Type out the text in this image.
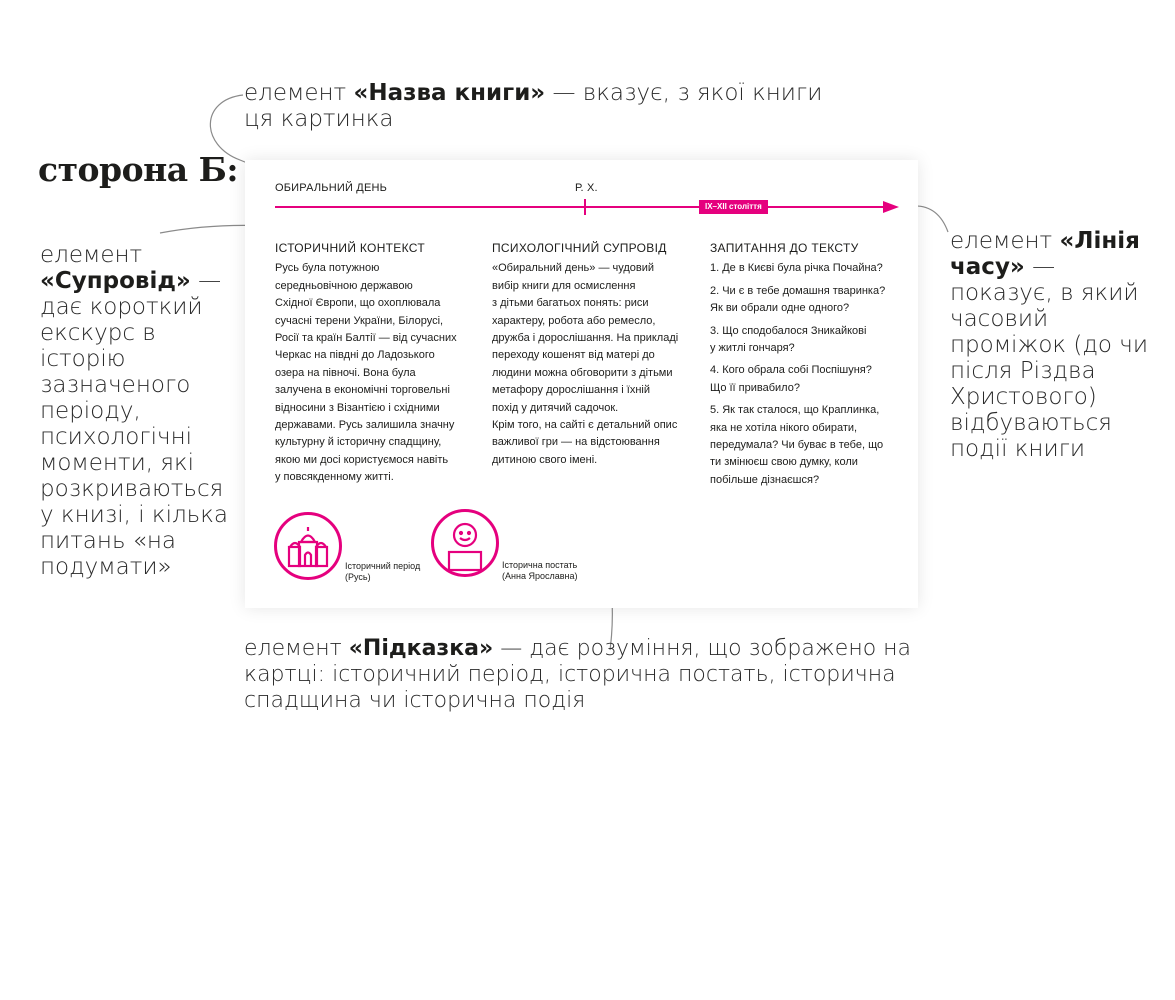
сторона Б:
елемент «Назва книги» — вказує, з якої книги
ця картинка
елемент
«Супровід» — дає короткий екскурс в історію зазначеного періоду, психологічні моменти, які розкриваються у книзі, і кілька питань «на подумати»
елемент «Лінія часу» — показує, в який часовий проміжок (до чи після Різдва Христового) відбуваються події книги
елемент «Підказка» — дає розуміння, що зображено на картці: історичний період, історична постать, історична спадщина чи історична подія
ОБИРАЛЬНИЙ ДЕНЬ	Р. Х.
IX–XII століття
ІСТОРИЧНИЙ КОНТЕКСТ

Русь була потужною
середньовічною державою
Східної Європи, що охоплювала
сучасні терени України, Білорусі,
Росії та країн Балтії — від сучасних
Черкас на півдні до Ладозького
озера на півночі. Вона була
залучена в економічні торговельні
відносини з Візантією і східними
державами. Русь залишила значну
культурну й історичну спадщину,
якою ми досі користуємося навіть
у повсякденному житті.

ПСИХОЛОГІЧНИЙ СУПРОВІД

«Обиральний день» — чудовий
вибір книги для осмислення
з дітьми багатьох понять: риси
характеру, робота або ремесло,
дружба і дорослішання. На прикладі
переходу кошенят від матері до
людини можна обговорити з дітьми
метафору дорослішання і їхній
похід у дитячий садочок.
Крім того, на сайті є детальний опис
важливої гри — на відстоювання
дитиною свого імені.

ЗАПИТАННЯ ДО ТЕКСТУ

1. Де в Києві була річка Почайна?

2. Чи є в тебе домашня тваринка?
Як ви обрали одне одного?

3. Що сподобалося Зникайкові
у житлі гончаря?

4. Кого обрала собі Поспішуня?
Що її привабило?

5. Як так сталося, що Краплинка,
яка не хотіла нікого обирати,
передумала? Чи буває в тебе, що
ти змінюєш свою думку, коли
побільше дізнаєшся?

Історичний період
(Русь)
Історична постать
(Анна Ярославна)
